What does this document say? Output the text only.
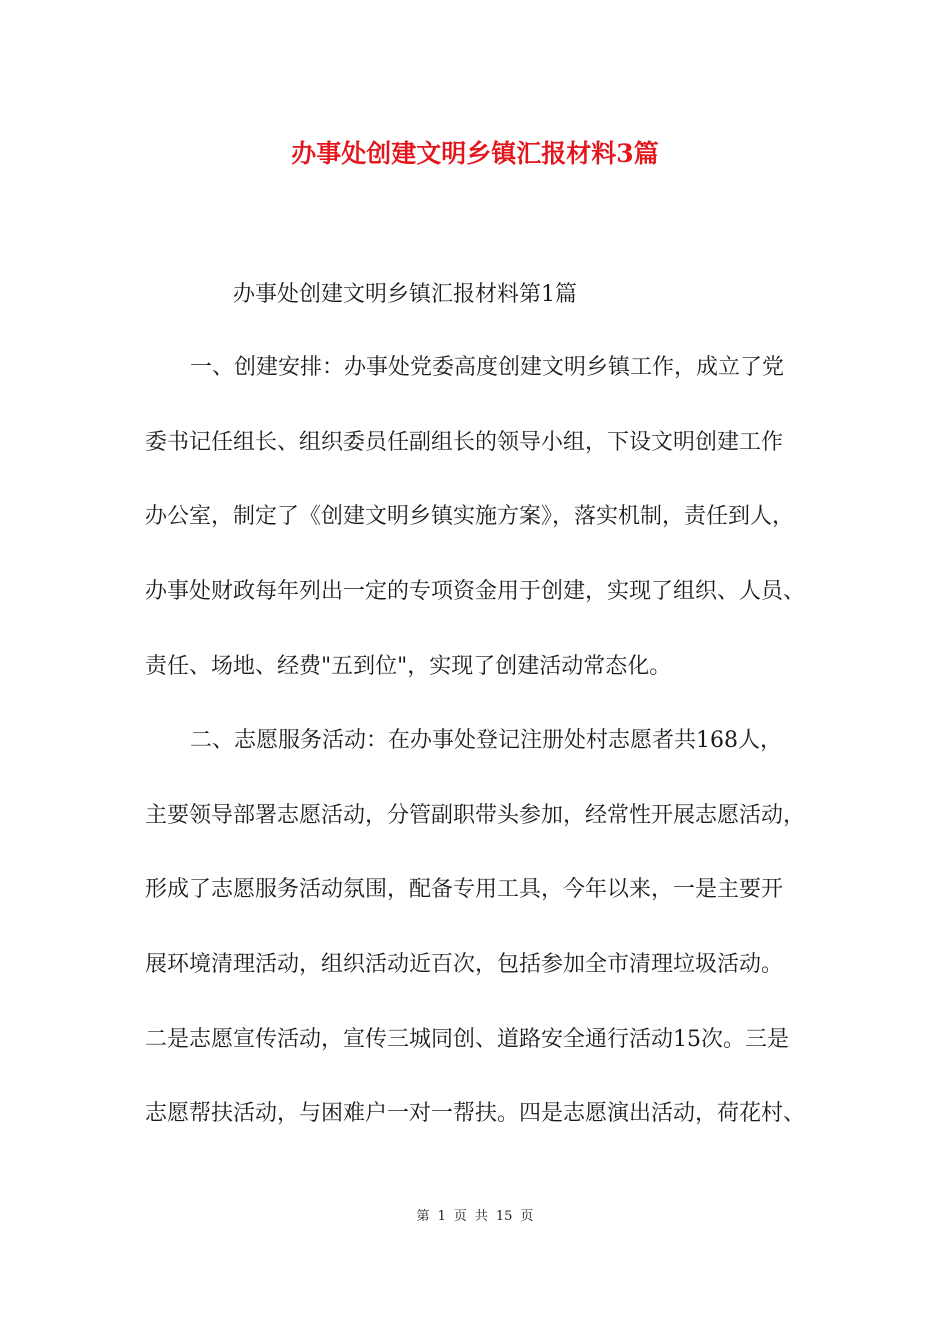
办事处创建文明乡镇汇报材料3篇
办事处创建文明乡镇汇报材料第1篇
一、创建安排：办事处党委高度创建文明乡镇工作，成立了党
委书记任组长、组织委员任副组长的领导小组，下设文明创建工作
办公室，制定了《创建文明乡镇实施方案》，落实机制，责任到人，
办事处财政每年列出一定的专项资金用于创建，实现了组织、人员、
责任、场地、经费"五到位"，实现了创建活动常态化。
二、志愿服务活动：在办事处登记注册处村志愿者共168人，
主要领导部署志愿活动，分管副职带头参加，经常性开展志愿活动，
形成了志愿服务活动氛围，配备专用工具，今年以来，一是主要开
展环境清理活动，组织活动近百次，包括参加全市清理垃圾活动。
二是志愿宣传活动，宣传三城同创、道路安全通行活动15次。三是
志愿帮扶活动，与困难户一对一帮扶。四是志愿演出活动，荷花村、
第 1 页 共 15 页
